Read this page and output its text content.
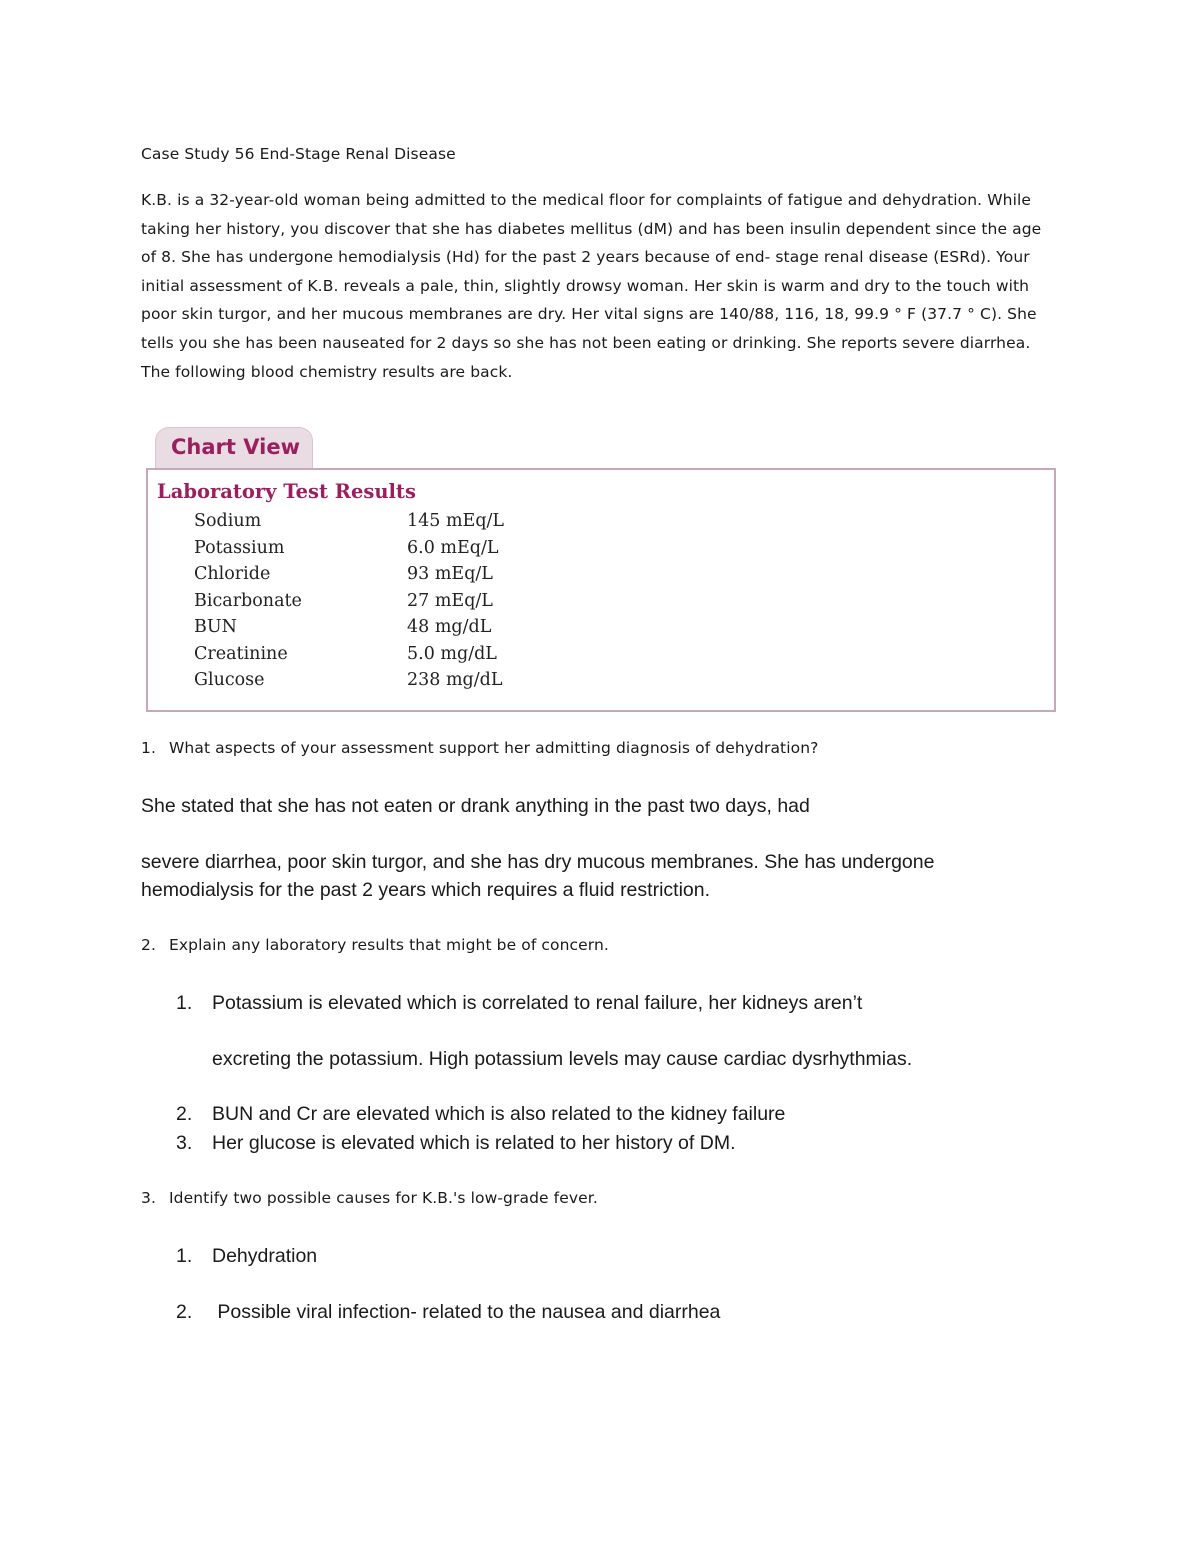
Case Study 56 End-Stage Renal Disease

K.B. is a 32-year-old woman being admitted to the medical floor for complaints of fatigue and dehydration. While taking her history, you discover that she has diabetes mellitus (dM) and has been insulin dependent since the age of 8. She has undergone hemodialysis (Hd) for the past 2 years because of end- stage renal disease (ESRd). Your initial assessment of K.B. reveals a pale, thin, slightly drowsy woman. Her skin is warm and dry to the touch with poor skin turgor, and her mucous membranes are dry. Her vital signs are 140/88, 116, 18, 99.9 ° F (37.7 ° C). She tells you she has been nauseated for 2 days so she has not been eating or drinking. She reports severe diarrhea. The following blood chemistry results are back.

Chart View
Laboratory Test Results
Sodium	145 mEq/L
Potassium	6.0 mEq/L
Chloride	93 mEq/L
Bicarbonate	27 mEq/L
BUN	48 mg/dL
Creatinine	5.0 mg/dL
Glucose	238 mg/dL
1. What aspects of your assessment support her admitting diagnosis of dehydration?
She stated that she has not eaten or drank anything in the past two days, had
severe diarrhea, poor skin turgor, and she has dry mucous membranes. She has undergone
hemodialysis for the past 2 years which requires a fluid restriction.
2. Explain any laboratory results that might be of concern.
1. Potassium is elevated which is correlated to renal failure, her kidneys aren’t
excreting the potassium. High potassium levels may cause cardiac dysrhythmias.
2. BUN and Cr are elevated which is also related to the kidney failure
3. Her glucose is elevated which is related to her history of DM.
3. Identify two possible causes for K.B.'s low-grade fever.
1. Dehydration
2. Possible viral infection- related to the nausea and diarrhea
